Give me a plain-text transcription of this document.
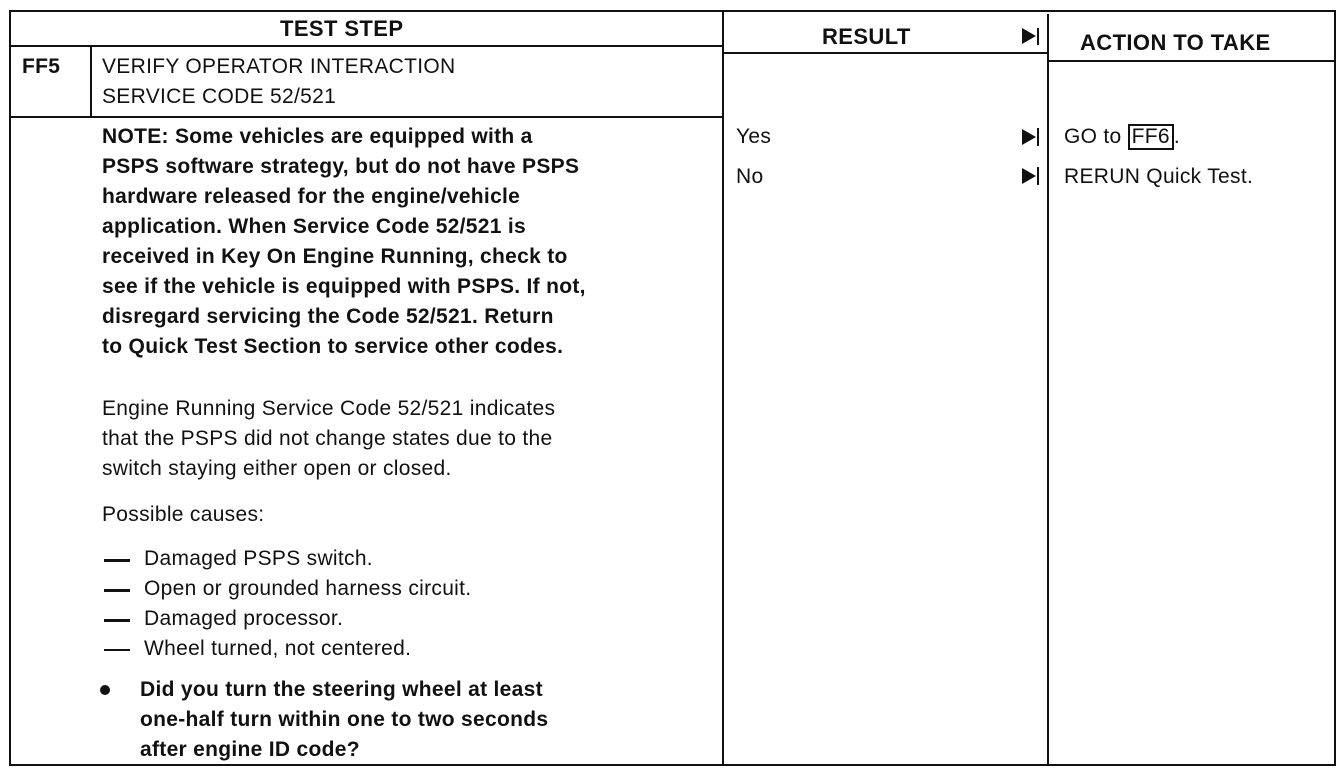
TEST STEP	RESULT	ACTION TO TAKE
FF5 VERIFY OPERATOR INTERACTION
SERVICE CODE 52/521
NOTE: Some vehicles are equipped with a
PSPS software strategy, but do not have PSPS
hardware released for the engine/vehicle
application. When Service Code 52/521 is
received in Key On Engine Running, check to
see if the vehicle is equipped with PSPS. If not,
disregard servicing the Code 52/521. Return
to Quick Test Section to service other codes.
Engine Running Service Code 52/521 indicates
that the PSPS did not change states due to the
switch staying either open or closed.
Possible causes:
Damaged PSPS switch.
Open or grounded harness circuit.
Damaged processor.
Wheel turned, not centered.
Did you turn the steering wheel at least
one-half turn within one to two seconds
after engine ID code?
Yes	GO to FF6 .
No	RERUN Quick Test.
